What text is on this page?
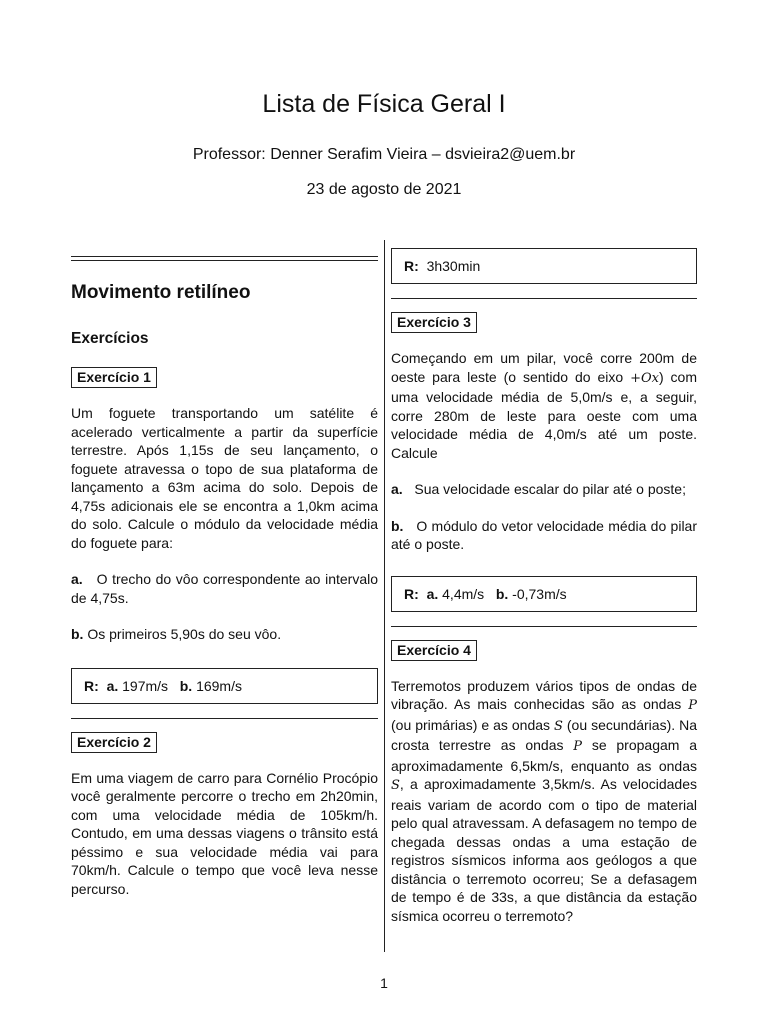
Lista de Física Geral I
Professor: Denner Serafim Vieira – dsvieira2@uem.br
23 de agosto de 2021
Movimento retilíneo
Exercícios
Exercício 1

Um foguete transportando um satélite é acelerado verticalmente a partir da superfície terrestre. Após 1,15s de seu lançamento, o foguete atravessa o topo de sua plataforma de lançamento a 63m acima do solo. Depois de 4,75s adicionais ele se encontra a 1,0km acima do solo. Calcule o módulo da velocidade média do foguete para:

a. O trecho do vôo correspondente ao intervalo de 4,75s.

b. Os primeiros 5,90s do seu vôo.

R: a. 197m/s b. 169m/s
Exercício 2

Em uma viagem de carro para Cornélio Procópio você geralmente percorre o trecho em 2h20min, com uma velocidade média de 105km/h. Contudo, em uma dessas viagens o trânsito está péssimo e sua velocidade média vai para 70km/h. Calcule o tempo que você leva nesse percurso.

R: 3h30min
Exercício 3

Começando em um pilar, você corre 200m de oeste para leste (o sentido do eixo +Ox) com uma velocidade média de 5,0m/s e, a seguir, corre 280m de leste para oeste com uma velocidade média de 4,0m/s até um poste. Calcule

a. Sua velocidade escalar do pilar até o poste;

b. O módulo do vetor velocidade média do pilar até o poste.

R: a. 4,4m/s b. -0,73m/s
Exercício 4

Terremotos produzem vários tipos de ondas de vibração. As mais conhecidas são as ondas P (ou primárias) e as ondas S (ou secundárias). Na crosta terrestre as ondas P se propagam a aproximadamente 6,5km/s, enquanto as ondas S, a aproximadamente 3,5km/s. As velocidades reais variam de acordo com o tipo de material pelo qual atravessam. A defasagem no tempo de chegada dessas ondas a uma estação de registros sísmicos informa aos geólogos a que distância o terremoto ocorreu; Se a defasagem de tempo é de 33s, a que distância da estação sísmica ocorreu o terremoto?

1
